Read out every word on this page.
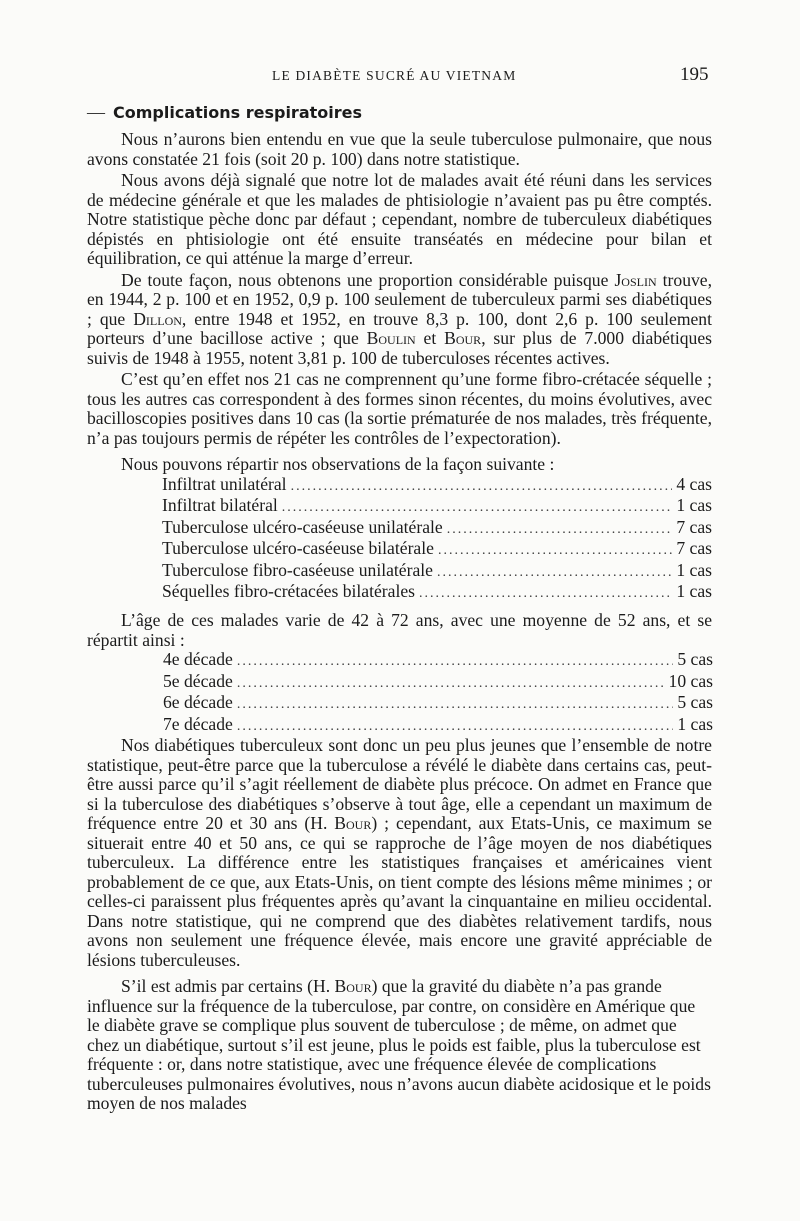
LE DIABÈTE SUCRÉ AU VIETNAM	195
— Complications respiratoires

Nous n’aurons bien entendu en vue que la seule tuberculose pulmonaire, que nous avons constatée 21 fois (soit 20 p. 100) dans notre statistique.

Nous avons déjà signalé que notre lot de malades avait été réuni dans les services de médecine générale et que les malades de phtisiologie n’avaient pas pu être comptés. Notre statistique pèche donc par défaut ; cependant, nombre de tuberculeux diabétiques dépistés en phtisiologie ont été ensuite transéatés en médecine pour bilan et équilibration, ce qui atténue la marge d’erreur.

De toute façon, nous obtenons une proportion considérable puisque Joslin trouve, en 1944, 2 p. 100 et en 1952, 0,9 p. 100 seulement de tuberculeux parmi ses diabétiques ; que Dillon, entre 1948 et 1952, en trouve 8,3 p. 100, dont 2,6 p. 100 seulement porteurs d’une bacillose active ; que Boulin et Bour, sur plus de 7.000 diabétiques suivis de 1948 à 1955, notent 3,81 p. 100 de tuberculoses récentes actives.

C’est qu’en effet nos 21 cas ne comprennent qu’une forme fibro-crétacée séquelle ; tous les autres cas correspondent à des formes sinon récentes, du moins évolutives, avec bacilloscopies positives dans 10 cas (la sortie prématurée de nos malades, très fréquente, n’a pas toujours permis de répéter les contrôles de l’expectoration).

Nous pouvons répartir nos observations de la façon suivante :

Infiltrat unilatéral .....	4 cas
Infiltrat bilatéral .....	1 cas
Tuberculose ulcéro-caséeuse unilatérale .....	7 cas
Tuberculose ulcéro-caséeuse bilatérale .....	7 cas
Tuberculose fibro-caséeuse unilatérale .....	1 cas
Séquelles fibro-crétacées bilatérales .....	1 cas

L’âge de ces malades varie de 42 à 72 ans, avec une moyenne de 52 ans, et se répartit ainsi :

4e décade .....	5 cas
5e décade .....	10 cas
6e décade .....	5 cas
7e décade .....	1 cas

Nos diabétiques tuberculeux sont donc un peu plus jeunes que l’ensemble de notre statistique, peut-être parce que la tuberculose a révélé le diabète dans certains cas, peut-être aussi parce qu’il s’agit réellement de diabète plus précoce. On admet en France que si la tuberculose des diabétiques s’observe à tout âge, elle a cependant un maximum de fréquence entre 20 et 30 ans (H. Bour) ; cependant, aux Etats-Unis, ce maximum se situerait entre 40 et 50 ans, ce qui se rapproche de l’âge moyen de nos diabétiques tuberculeux. La différence entre les statistiques françaises et américaines vient probablement de ce que, aux Etats-Unis, on tient compte des lésions même minimes ; or celles-ci paraissent plus fréquentes après qu’avant la cinquantaine en milieu occidental. Dans notre statistique, qui ne comprend que des diabètes relativement tardifs, nous avons non seulement une fréquence élevée, mais encore une gravité appréciable de lésions tuberculeuses.

S’il est admis par certains (H. Bour) que la gravité du diabète n’a pas grande influence sur la fréquence de la tuberculose, par contre, on considère en Amérique que le diabète grave se complique plus souvent de tuberculose ; de même, on admet que chez un diabétique, surtout s’il est jeune, plus le poids est faible, plus la tuberculose est fréquente : or, dans notre statistique, avec une fréquence élevée de complications tuberculeuses pulmonaires évolutives, nous n’avons aucun diabète acidosique et le poids moyen de nos malades
